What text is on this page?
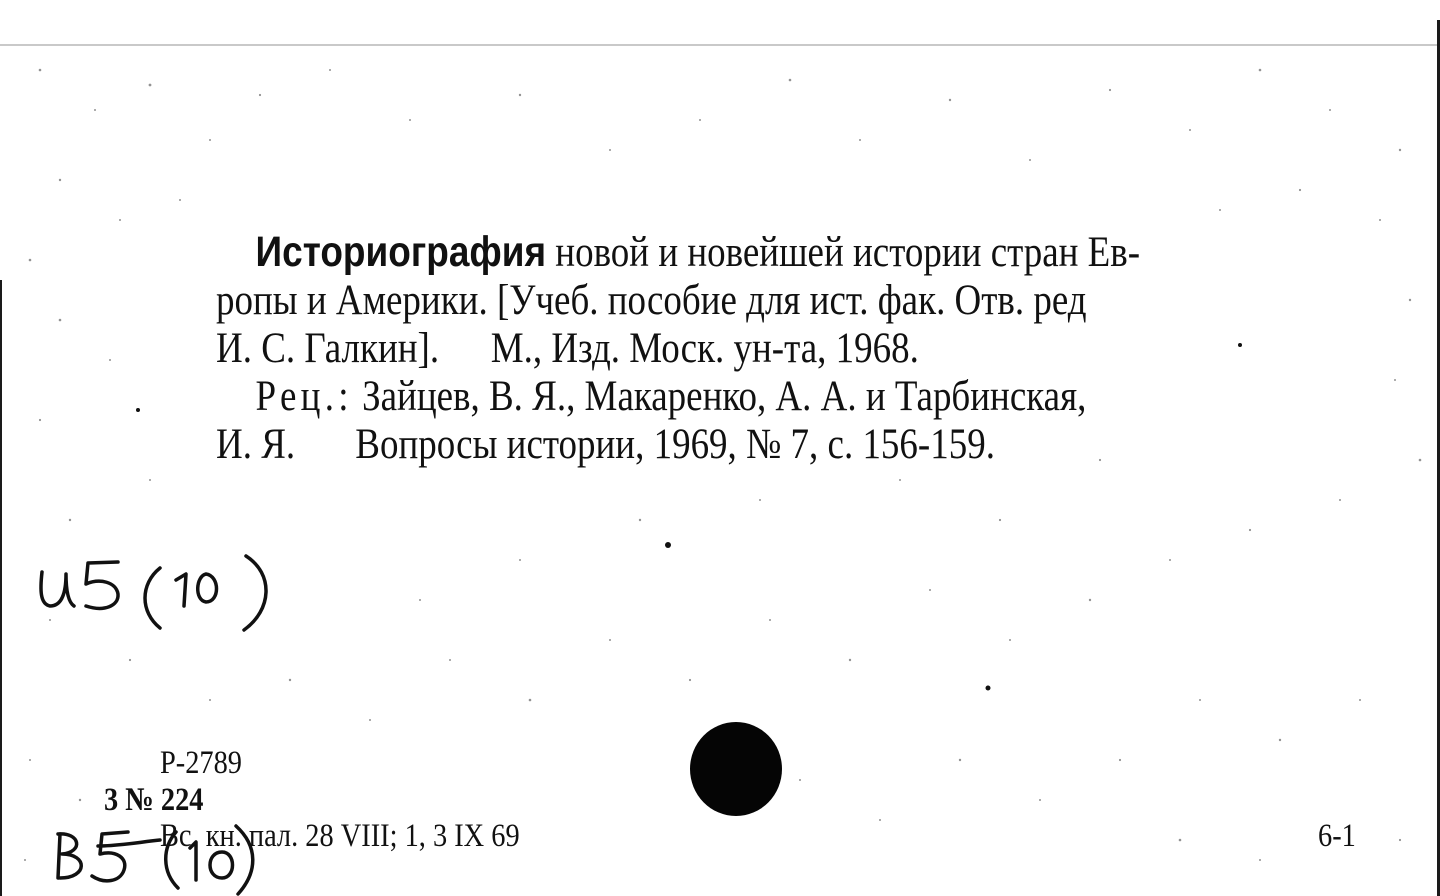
Историография новой и новейшей истории стран Ев-
ропы и Америки. [Учеб. пособие для ист. фак. Отв. ред
И. С. Галкин]. М., Изд. Моск. ун-та, 1968.
Рец.: Зайцев, В. Я., Макаренко, А. А. и Тарбинская,
И. Я. Вопросы истории, 1969, № 7, с. 156-159.
Р-2789
3 № 224
Вс. кн. пал. 28 VIII; 1, 3 IX 69	6-1
